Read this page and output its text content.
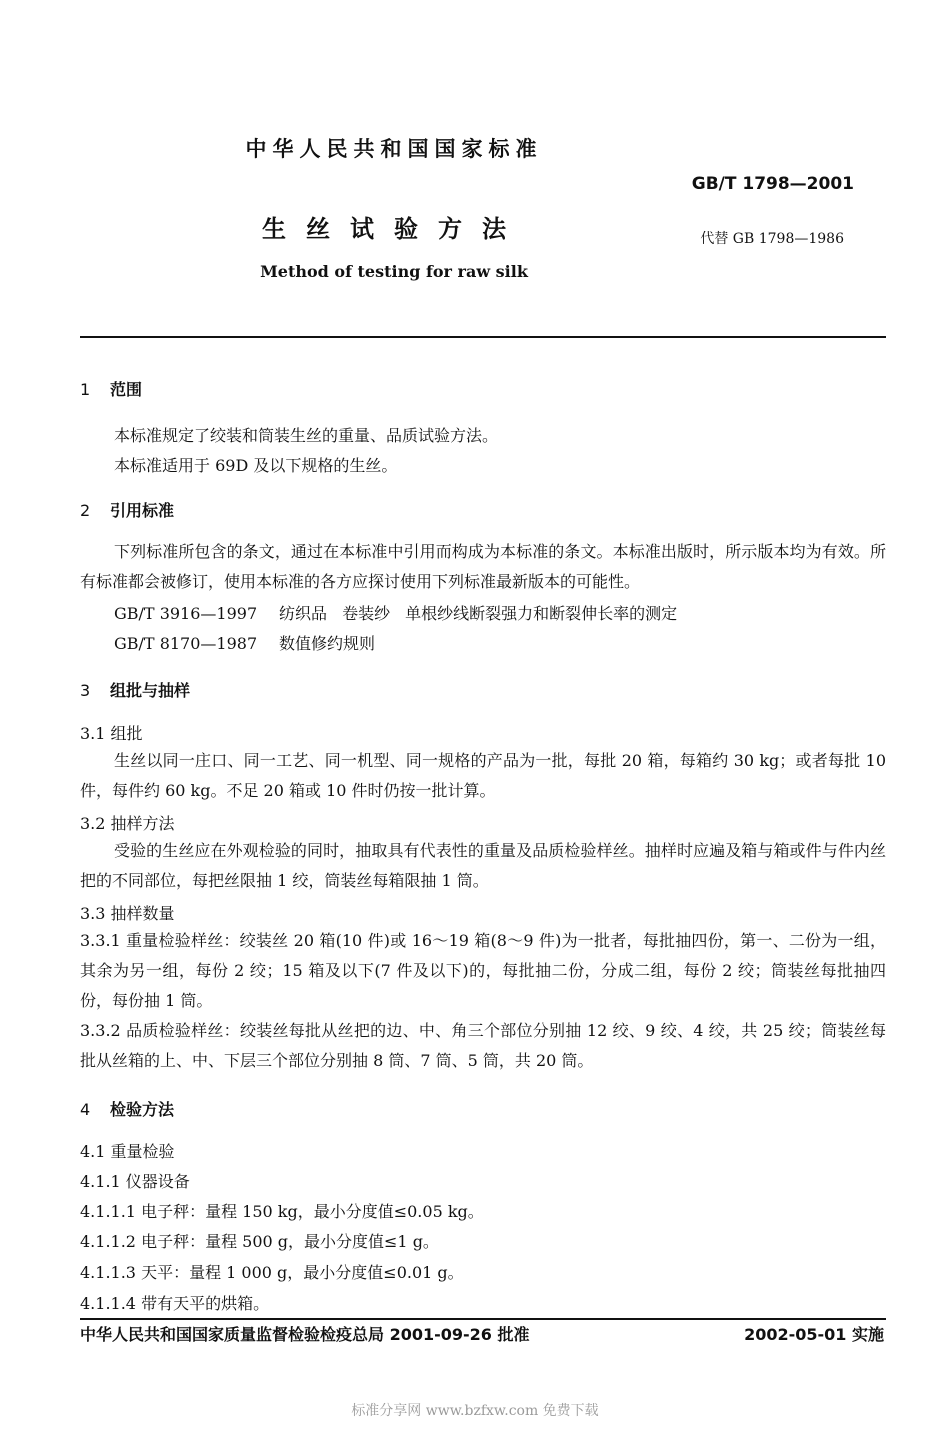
中华人民共和国国家标准
GB/T 1798—2001
生丝试验方法	代替 GB 1798—1986
Method of testing for raw silk
1 范围
本标准规定了绞装和筒装生丝的重量、品质试验方法。
本标准适用于 69D 及以下规格的生丝。
2 引用标准
下列标准所包含的条文，通过在本标准中引用而构成为本标准的条文。本标准出版时，所示版本均为有效。所有标准都会被修订，使用本标准的各方应探讨使用下列标准最新版本的可能性。
GB/T 3916—1997 纺织品 卷装纱 单根纱线断裂强力和断裂伸长率的测定
GB/T 8170—1987 数值修约规则
3 组批与抽样
3.1 组批
生丝以同一庄口、同一工艺、同一机型、同一规格的产品为一批，每批 20 箱，每箱约 30 kg；或者每批 10 件，每件约 60 kg。不足 20 箱或 10 件时仍按一批计算。
3.2 抽样方法
受验的生丝应在外观检验的同时，抽取具有代表性的重量及品质检验样丝。抽样时应遍及箱与箱或件与件内丝把的不同部位，每把丝限抽 1 绞，筒装丝每箱限抽 1 筒。
3.3 抽样数量
3.3.1 重量检验样丝：绞装丝 20 箱(10 件)或 16～19 箱(8～9 件)为一批者，每批抽四份，第一、二份为一组，其余为另一组，每份 2 绞；15 箱及以下(7 件及以下)的，每批抽二份，分成二组，每份 2 绞；筒装丝每批抽四份，每份抽 1 筒。
3.3.2 品质检验样丝：绞装丝每批从丝把的边、中、角三个部位分别抽 12 绞、9 绞、4 绞，共 25 绞；筒装丝每批从丝箱的上、中、下层三个部位分别抽 8 筒、7 筒、5 筒，共 20 筒。
4 检验方法
4.1 重量检验
4.1.1 仪器设备
4.1.1.1 电子秤：量程 150 kg，最小分度值≤0.05 kg。
4.1.1.2 电子秤：量程 500 g，最小分度值≤1 g。
4.1.1.3 天平：量程 1 000 g，最小分度值≤0.01 g。
4.1.1.4 带有天平的烘箱。
中华人民共和国国家质量监督检验检疫总局 2001-09-26 批准	2002-05-01 实施
标准分享网 www.bzfxw.com 免费下载
